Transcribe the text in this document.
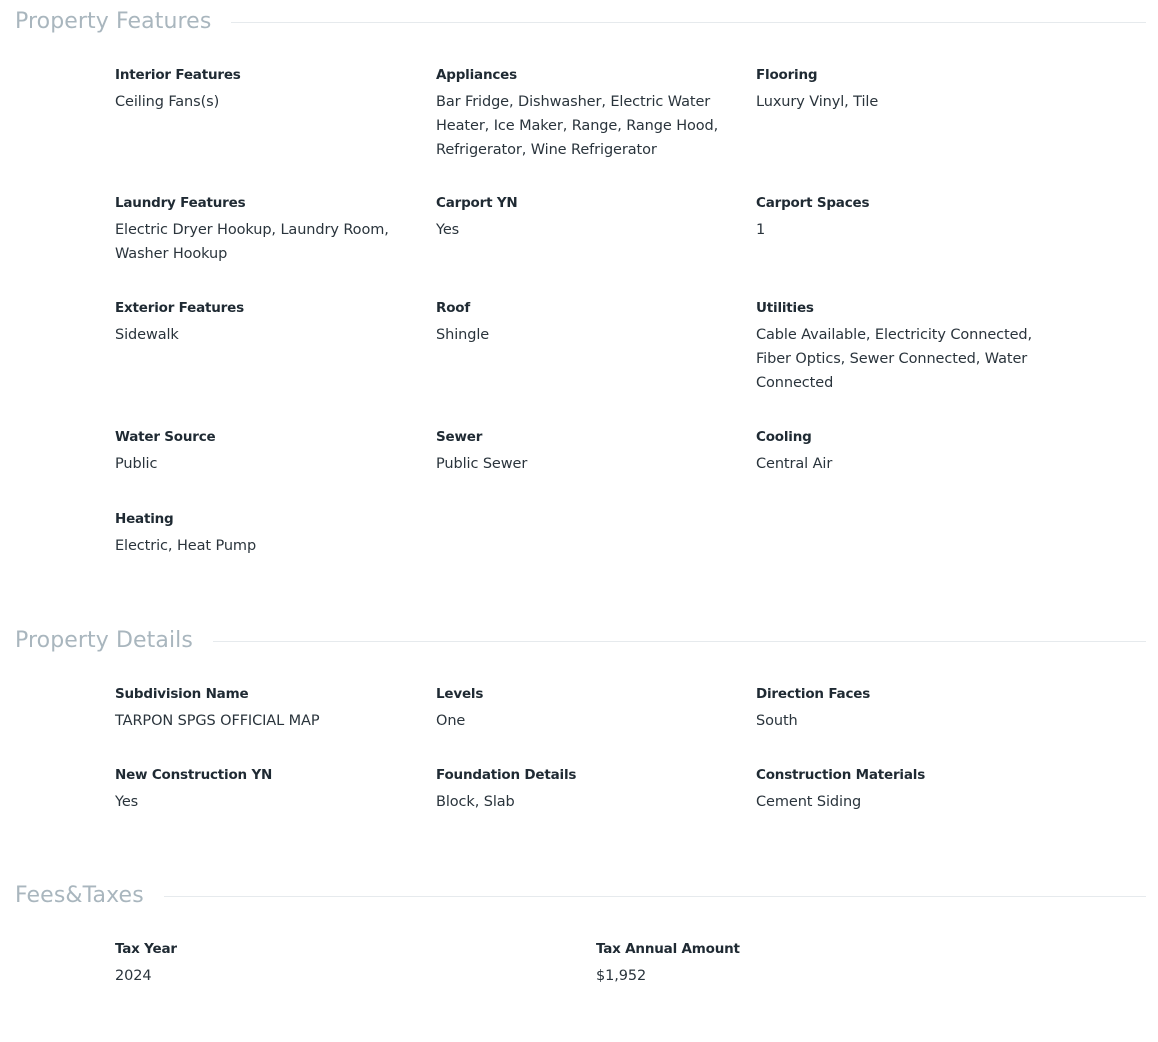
Property Features
Interior Features
Ceiling Fans(s)
Appliances
Bar Fridge, Dishwasher, Electric Water Heater, Ice Maker, Range, Range Hood, Refrigerator, Wine Refrigerator
Flooring
Luxury Vinyl, Tile
Laundry Features
Electric Dryer Hookup, Laundry Room, Washer Hookup
Carport YN
Yes
Carport Spaces
1
Exterior Features
Sidewalk
Roof
Shingle
Utilities
Cable Available, Electricity Connected, Fiber Optics, Sewer Connected, Water Connected
Water Source
Public
Sewer
Public Sewer
Cooling
Central Air
Heating
Electric, Heat Pump
Property Details
Subdivision Name
TARPON SPGS OFFICIAL MAP
Levels
One
Direction Faces
South
New Construction YN
Yes
Foundation Details
Block, Slab
Construction Materials
Cement Siding
Fees&Taxes
Tax Year
2024
Tax Annual Amount
$1,952
